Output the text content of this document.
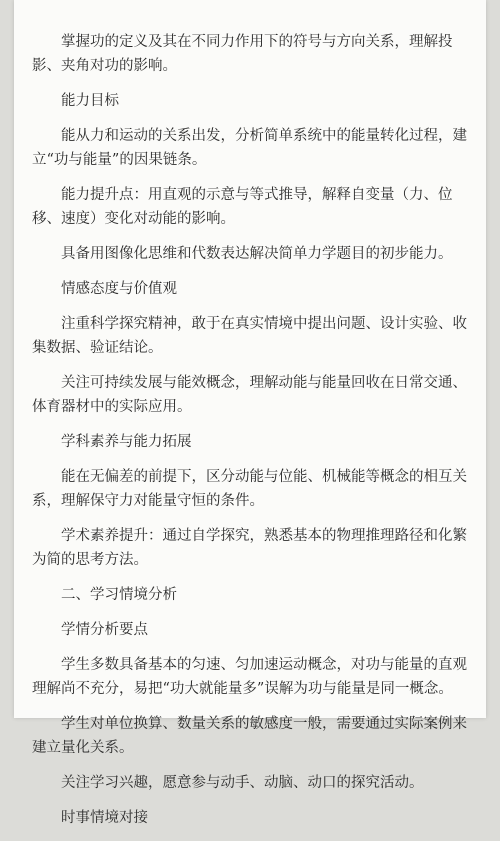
掌握功的定义及其在不同力作用下的符号与方向关系，理解投影、夹角对功的影响。

能力目标

能从力和运动的关系出发，分析简单系统中的能量转化过程，建立“功与能量”的因果链条。

能力提升点：用直观的示意与等式推导，解释自变量（力、位移、速度）变化对动能的影响。

具备用图像化思维和代数表达解决简单力学题目的初步能力。

情感态度与价值观

注重科学探究精神，敢于在真实情境中提出问题、设计实验、收集数据、验证结论。

关注可持续发展与能效概念，理解动能与能量回收在日常交通、体育器材中的实际应用。

学科素养与能力拓展

能在无偏差的前提下，区分动能与位能、机械能等概念的相互关系，理解保守力对能量守恒的条件。

学术素养提升：通过自学探究，熟悉基本的物理推理路径和化繁为简的思考方法。

二、学习情境分析

学情分析要点

学生多数具备基本的匀速、匀加速运动概念，对功与能量的直观理解尚不充分，易把“功大就能量多”误解为功与能量是同一概念。

学生对单位换算、数量关系的敏感度一般，需要通过实际案例来建立量化关系。

关注学习兴趣，愿意参与动手、动脑、动口的探究活动。

时事情境对接
